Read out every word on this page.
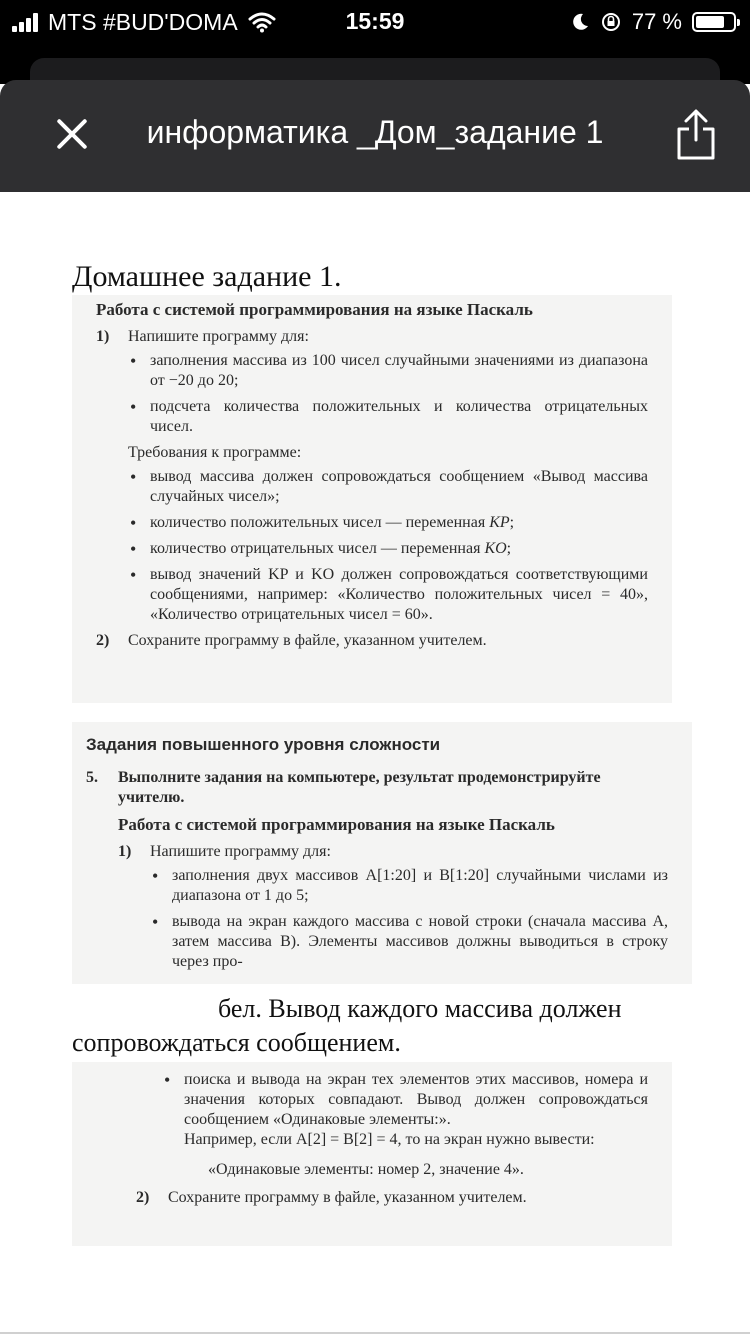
MTS #BUD'DOMA	15:59	77 %
информатика _Дом_задание 1
Домашнее задание 1.
Работа с системой программирования на языке Паскаль
1)	Напишите программу для:
• заполнения массива из 100 чисел случайными значениями из диапазона от −20 до 20;
• подсчета количества положительных и количества отрицательных чисел.
Требования к программе:
• вывод массива должен сопровождаться сообщением «Вывод массива случайных чисел»;
• количество положительных чисел — переменная KP;
• количество отрицательных чисел — переменная KO;
• вывод значений KP и KO должен сопровождаться соответствующими сообщениями, например: «Количество положительных чисел = 40», «Количество отрицательных чисел = 60».
2)	Сохраните программу в файле, указанном учителем.
Задания повышенного уровня сложности
5.	Выполните задания на компьютере, результат продемонстрируйте учителю.
Работа с системой программирования на языке Паскаль
1)	Напишите программу для:
• заполнения двух массивов A[1:20] и B[1:20] случайными числами из диапазона от 1 до 5;
• вывода на экран каждого массива с новой строки (сначала массива A, затем массива B). Элементы массивов должны выводиться в строку через про-
бел. Вывод каждого массива должен
сопровождаться сообщением.
• поиска и вывода на экран тех элементов этих массивов, номера и значения которых совпадают. Вывод должен сопровождаться сообщением «Одинаковые элементы:».
Например, если A[2] = B[2] = 4, то на экран нужно вывести:
«Одинаковые элементы: номер 2, значение 4».
2)	Сохраните программу в файле, указанном учителем.
